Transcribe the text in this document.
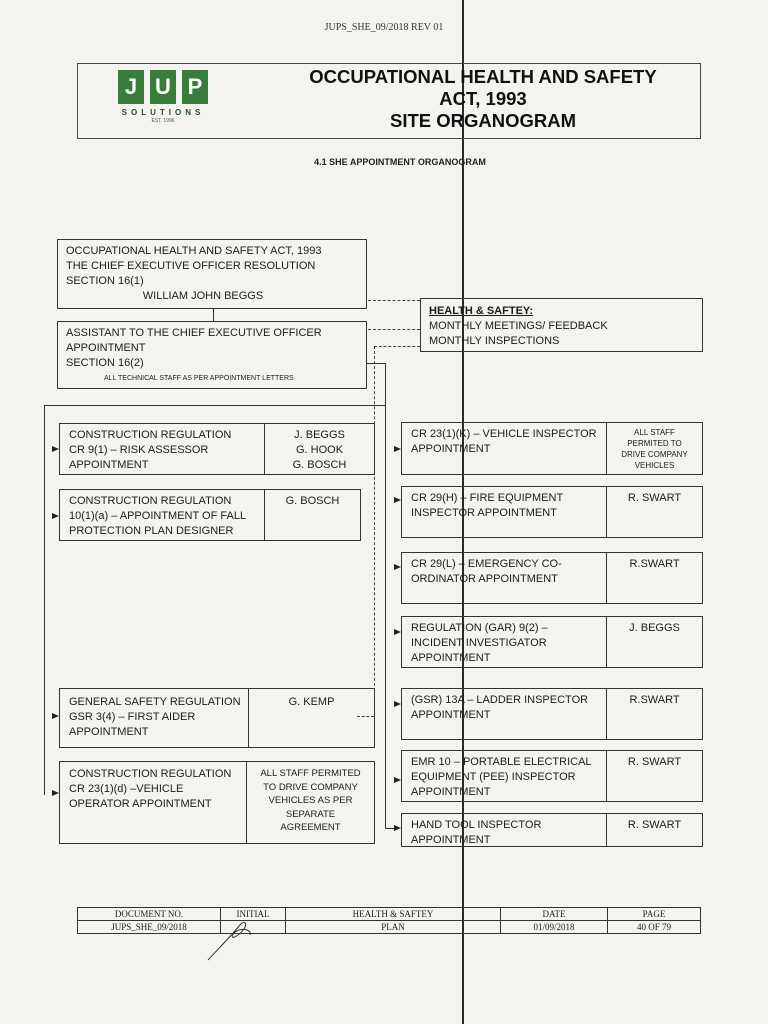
JUPS_SHE_09/2018 REV 01
J U P
SOLUTIONS
EST. 1996
OCCUPATIONAL HEALTH AND SAFETY
ACT, 1993
SITE ORGANOGRAM
4.1 SHE APPOINTMENT ORGANOGRAM
OCCUPATIONAL HEALTH AND SAFETY ACT, 1993
THE CHIEF EXECUTIVE OFFICER RESOLUTION
SECTION 16(1)
WILLIAM JOHN BEGGS
ASSISTANT TO THE CHIEF EXECUTIVE OFFICER
APPOINTMENT
SECTION 16(2)
ALL TECHNICAL STAFF AS PER APPOINTMENT LETTERS
HEALTH & SAFTEY:
MONTHLY MEETINGS/ FEEDBACK
MONTHLY INSPECTIONS
CONSTRUCTION REGULATION
CR 9(1) – RISK ASSESSOR
APPOINTMENT
J. BEGGS
G. HOOK
G. BOSCH
CONSTRUCTION REGULATION
10(1)(a) – APPOINTMENT OF FALL
PROTECTION PLAN DESIGNER
G. BOSCH
GENERAL SAFETY REGULATION
GSR 3(4) – FIRST AIDER
APPOINTMENT
G. KEMP
CONSTRUCTION REGULATION
CR 23(1)(d) –VEHICLE
OPERATOR APPOINTMENT
ALL STAFF PERMITED
TO DRIVE COMPANY
VEHICLES AS PER
SEPARATE
AGREEMENT
CR 23(1)(K) – VEHICLE INSPECTOR
APPOINTMENT
ALL STAFF
PERMITED TO
DRIVE COMPANY
VEHICLES
CR 29(H) – FIRE EQUIPMENT
INSPECTOR APPOINTMENT
R. SWART
CR 29(L) – EMERGENCY CO-
ORDINATOR APPOINTMENT
R.SWART
REGULATION (GAR) 9(2) –
INCIDENT INVESTIGATOR
APPOINTMENT
J. BEGGS
(GSR) 13A – LADDER INSPECTOR
APPOINTMENT
R.SWART
EMR 10 – PORTABLE ELECTRICAL
EQUIPMENT (PEE) INSPECTOR
APPOINTMENT
R. SWART
HAND TOOL INSPECTOR
APPOINTMENT
R. SWART
DOCUMENT NO.	INITIAL	HEALTH & SAFTEY	DATE	PAGE
JUPS_SHE_09/2018		PLAN	01/09/2018	40 OF 79
